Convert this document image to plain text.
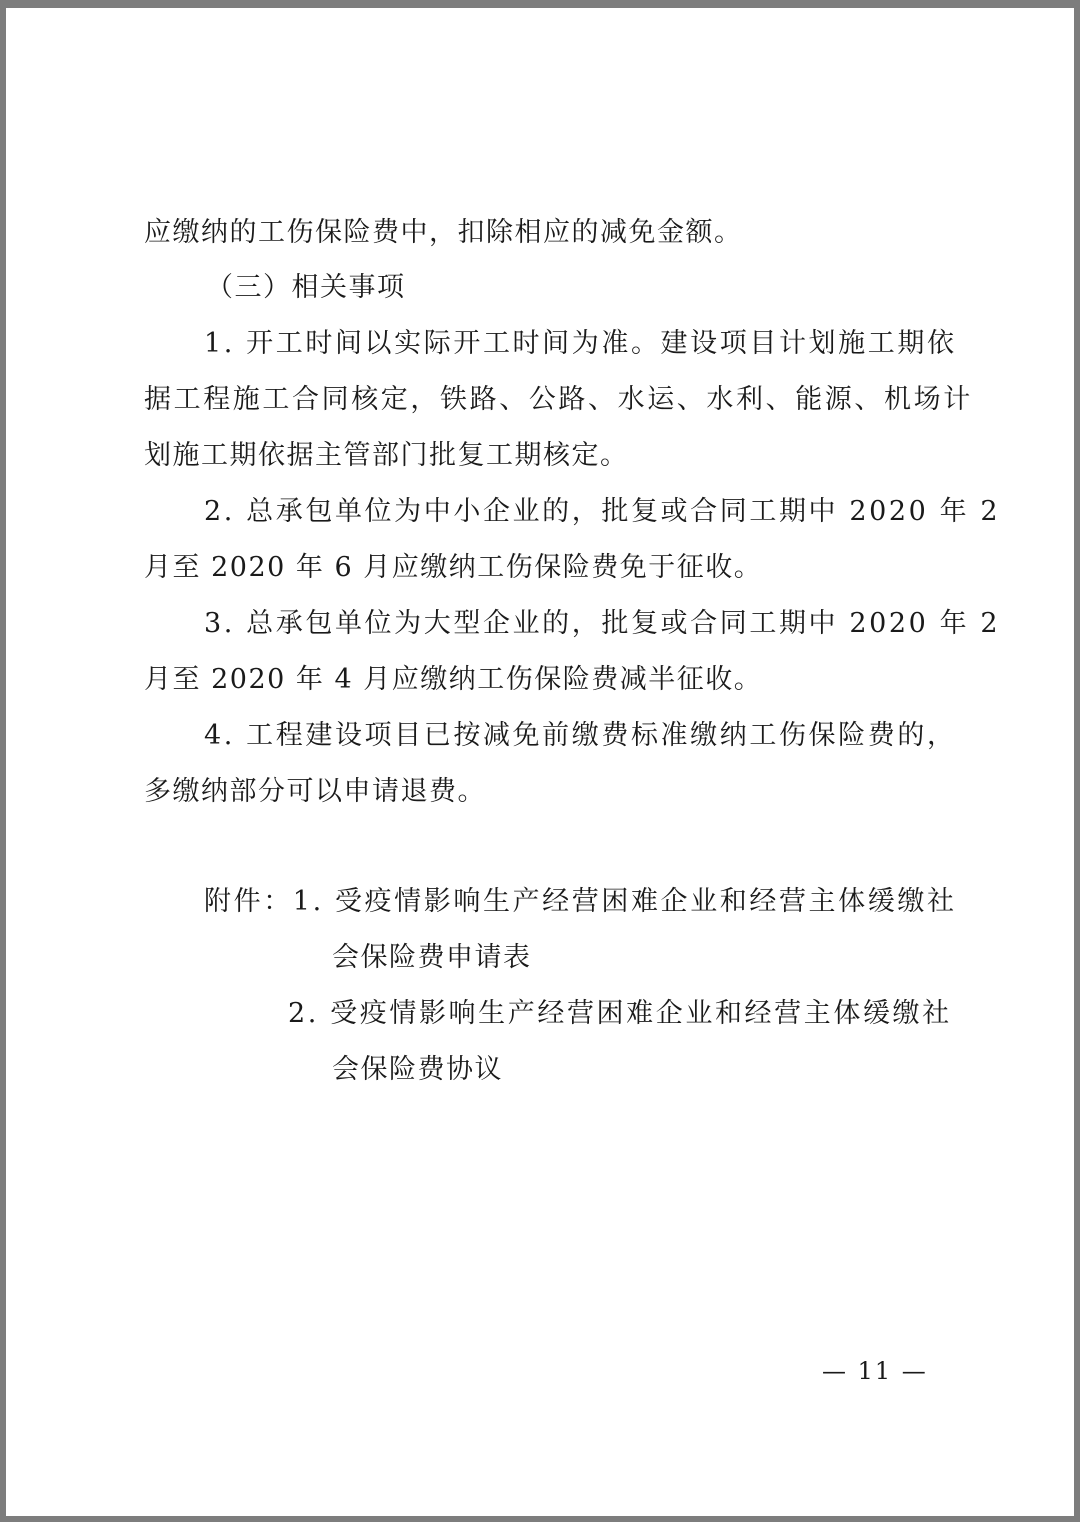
应缴纳的工伤保险费中，扣除相应的减免金额。
（三）相关事项
1. 开工时间以实际开工时间为准。建设项目计划施工期依
据工程施工合同核定，铁路、公路、水运、水利、能源、机场计
划施工期依据主管部门批复工期核定。
2. 总承包单位为中小企业的，批复或合同工期中 2020 年 2
月至 2020 年 6 月应缴纳工伤保险费免于征收。
3. 总承包单位为大型企业的，批复或合同工期中 2020 年 2
月至 2020 年 4 月应缴纳工伤保险费减半征收。
4. 工程建设项目已按减免前缴费标准缴纳工伤保险费的，
多缴纳部分可以申请退费。
附件：1. 受疫情影响生产经营困难企业和经营主体缓缴社
会保险费申请表
2. 受疫情影响生产经营困难企业和经营主体缓缴社
会保险费协议
— 11 —
